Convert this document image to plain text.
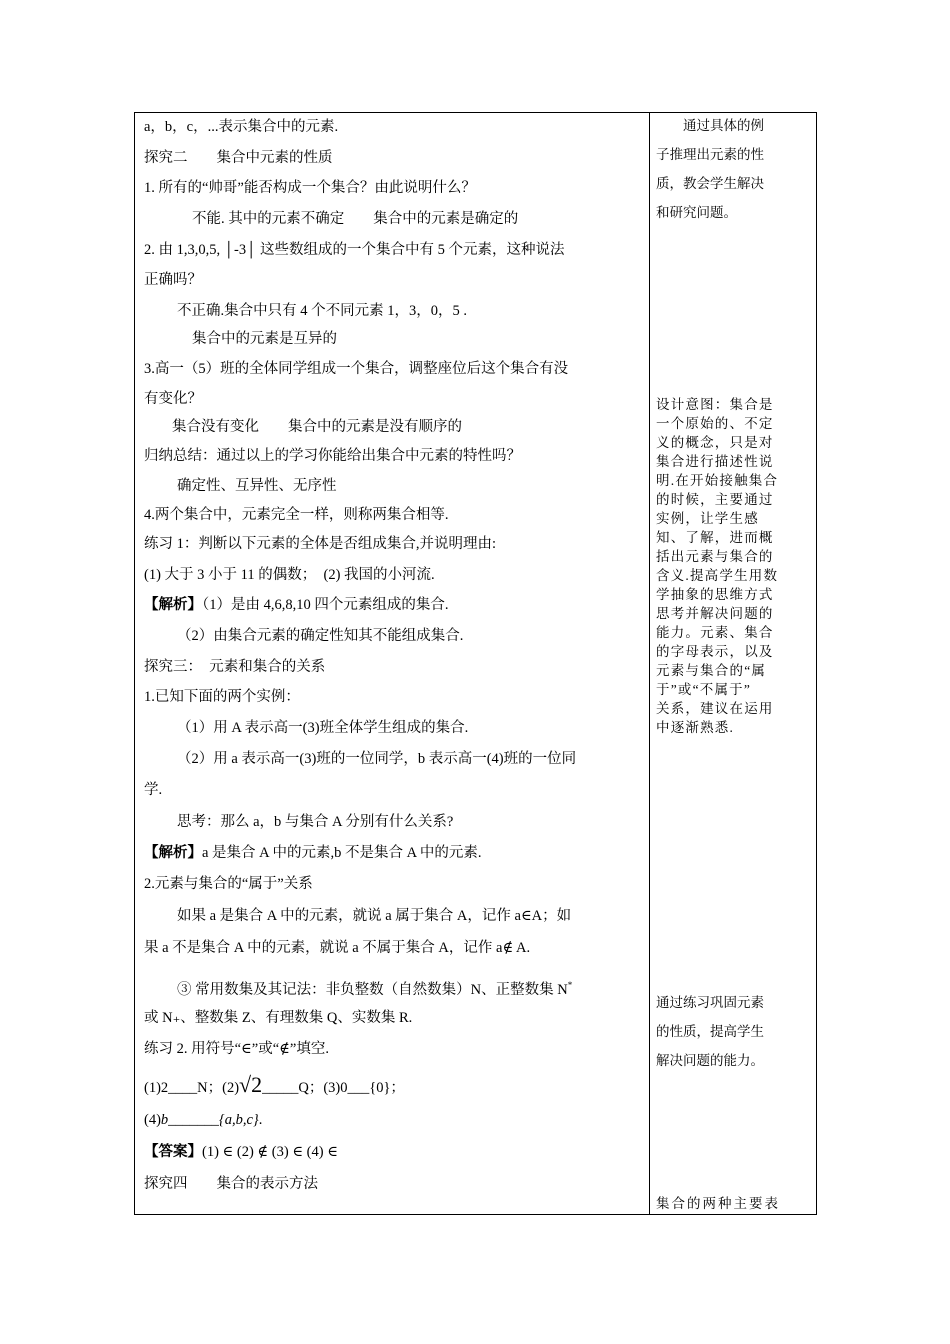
a，b，c，...表示集合中的元素.
探究二　　集合中元素的性质
1. 所有的“帅哥”能否构成一个集合？由此说明什么？
不能. 其中的元素不确定　　集合中的元素是确定的
2. 由 1,3,0,5, │-3│ 这些数组成的一个集合中有 5 个元素，这种说法
正确吗？
不正确.集合中只有 4 个不同元素 1，3，0，5 .
集合中的元素是互异的
3.高一（5）班的全体同学组成一个集合，调整座位后这个集合有没
有变化？
集合没有变化　　集合中的元素是没有顺序的
归纳总结：通过以上的学习你能给出集合中元素的特性吗？
确定性、互异性、无序性
4.两个集合中，元素完全一样，则称两集合相等.
练习 1：判断以下元素的全体是否组成集合,并说明理由:
(1) 大于 3 小于 11 的偶数；　(2) 我国的小河流.
【解析】（1）是由 4,6,8,10 四个元素组成的集合.
（2）由集合元素的确定性知其不能组成集合.
探究三：　元素和集合的关系
1.已知下面的两个实例：
（1）用 A 表示高一(3)班全体学生组成的集合.
（2）用 a 表示高一(3)班的一位同学，b 表示高一(4)班的一位同
学.
思考：那么 a，b 与集合 A 分别有什么关系?
【解析】a 是集合 A 中的元素,b 不是集合 A 中的元素.
2.元素与集合的“属于”关系
如果 a 是集合 A 中的元素，就说 a 属于集合 A，记作 a∈A；如
果 a 不是集合 A 中的元素，就说 a 不属于集合 A，记作 a∉ A.
③ 常用数集及其记法：非负整数（自然数集）N、正整数集 N*
或 N₊、整数集 Z、有理数集 Q、实数集 R.
练习 2. 用符号“∈”或“∉”填空.
(1)2____N；(2)√2_____Q；(3)0___{0}；
(4)b_______{a,b,c}.
【答案】(1) ∈ (2) ∉ (3) ∈ (4) ∈
探究四　　集合的表示方法
　　通过具体的例
子推理出元素的性
质，教会学生解决
和研究问题。
设计意图：集合是
一个原始的、不定
义的概念，只是对
集合进行描述性说
明.在开始接触集合
的时候，主要通过
实例，让学生感
知、了解，进而概
括出元素与集合的
含义.提高学生用数
学抽象的思维方式
思考并解决问题的
能力。元素、集合
的字母表示，以及
元素与集合的“属
于”或“不属于”
关系，建议在运用
中逐渐熟悉.
通过练习巩固元素
的性质，提高学生
解决问题的能力。
集合的两种主要表
